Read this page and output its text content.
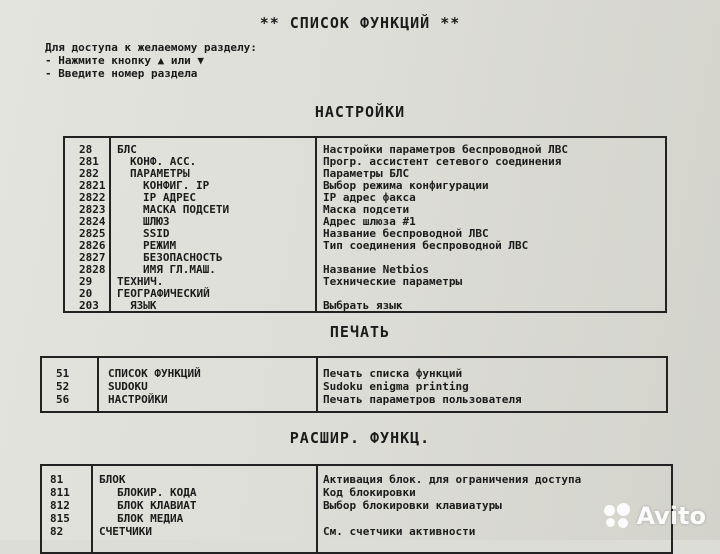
** СПИСОК ФУНКЦИЙ **
Для доступа к желаемому разделу:
- Нажмите кнопку ▲ или ▼
- Введите номер раздела
НАСТРОЙКИ
28 БЛС	Настройки параметров беспроводной ЛВС
281	КОНФ. АСС.	Прогр. ассистент сетевого соединения
282	ПАРАМЕТРЫ	Параметры БЛС
2821	КОНФИГ. IP	Выбор режима конфигурации
2822	IP АДРЕС	IP адрес факса
2823	МАСКА ПОДСЕТИ	Маска подсети
2824	ШЛЮЗ	Адрес шлюза #1
2825	SSID	Название беспроводной ЛВС
2826	РЕЖИМ	Тип соединения беспроводной ЛВС
2827	БЕЗОПАСНОСТЬ
2828	ИМЯ ГЛ.МАШ.	Название Netbios
29 ТЕХНИЧ.	Технические параметры
20 ГЕОГРАФИЧЕСКИЙ
203	ЯЗЫК	Выбрать язык
ПЕЧАТЬ
51	СПИСОК ФУНКЦИЙ	Печать списка функций
52	SUDOKU	Sudoku enigma printing
56	НАСТРОЙКИ	Печать параметров пользователя
РАСШИР. ФУНКЦ.
81	БЛОК	Активация блок. для ограничения доступа
811	БЛОКИР. КОДА	Код блокировки
812	БЛОК КЛАВИАТ	Выбор блокировки клавиатуры
815	БЛОК МЕДИА
82	СЧЕТЧИКИ	См. счетчики активности
Avito
